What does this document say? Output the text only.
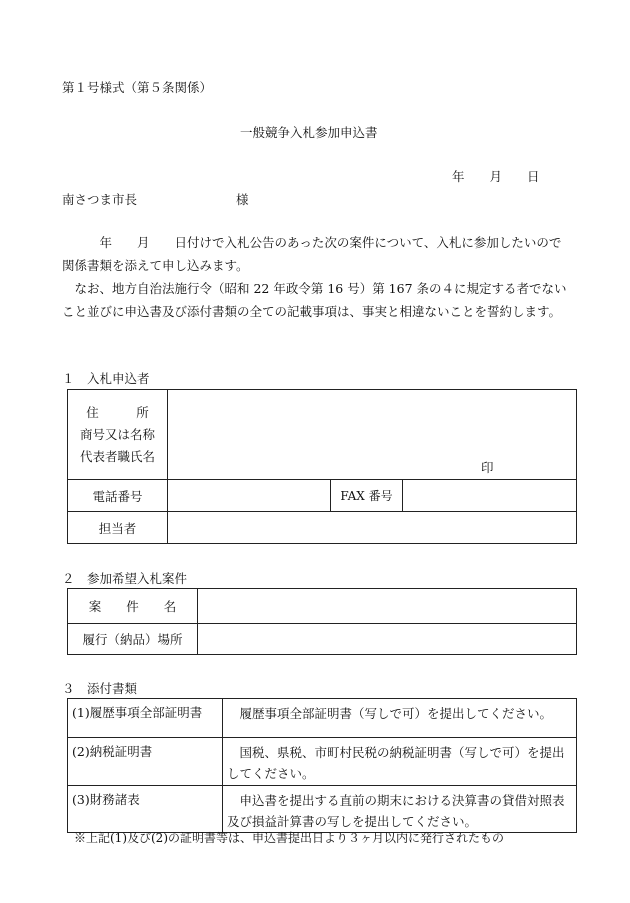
第１号様式（第５条関係）
一般競争入札参加申込書
年　　月　　日
南さつま市長	様
　　　年　　月　　日付けで入札公告のあった次の案件について、入札に参加したいので関係書類を添えて申し込みます。
　なお、地方自治法施行令（昭和 22 年政令第 16 号）第 167 条の４に規定する者でないこと並びに申込書及び添付書類の全ての記載事項は、事実と相違ないことを誓約します。
１　入札申込者
住　　　所
商号又は名称
代表者職氏名	印		

電話番号		FAX 番号	
担当者			
２　参加希望入札案件
案　　件　　名	
履行（納品）場所	
３　添付書類
(1)履歴事項全部証明書	　履歴事項全部証明書（写しで可）を提出してください。
(2)納税証明書	　国税、県税、市町村民税の納税証明書（写しで可）を提出してください。
(3)財務諸表	　申込書を提出する直前の期末における決算書の貸借対照表及び損益計算書の写しを提出してください。
※上記(1)及び(2)の証明書等は、申込書提出日より３ヶ月以内に発行されたもの
